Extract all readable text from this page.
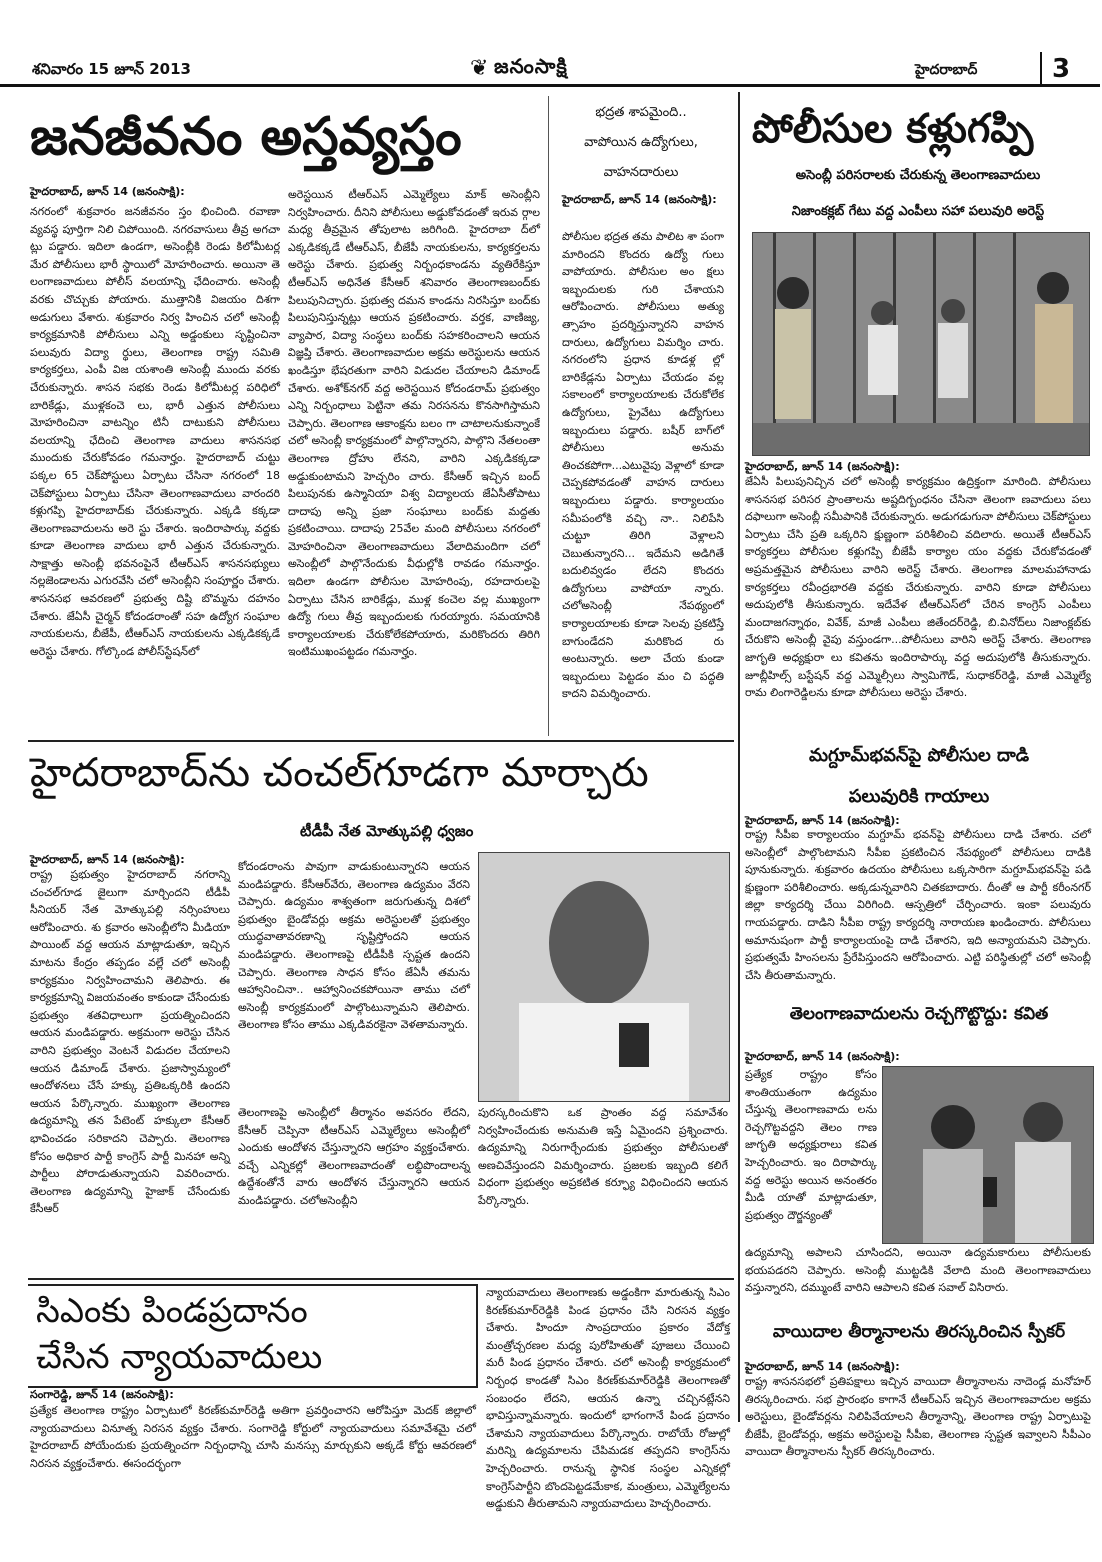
శనివారం 15 జూన్ 2013	❦ జనంసాక్షి	హైదరాబాద్	3
జనజీవనం అస్తవ్యస్తం
హైదరాబాద్, జూన్ 14 (జనంసాక్షి):
నగరంలో శుక్రవారం జనజీవనం స్తం భించింది. రవాణా వ్యవస్థ పూర్తిగా నిలి చిపోయింది. నగరవాసులు తీవ్ర అగచా ట్లు పడ్డారు. ఇదిలా ఉండగా, అసెంబ్లీకి రెండు కిలోమీటర్ల మేర పోలీసులు భారీ స్థాయిలో మోహరించారు. అయినా తె లంగాణవాదులు పోలీస్ వలయాన్ని ఛేదించారు. అసెంబ్లీ వరకు చొచ్చుకు పోయారు. ముత్తానికి విజయం దిశగా అడుగులు వేశారు. శుక్రవారం నిర్వ హించిన చలో అసెంబ్లీ కార్యక్రమానికి పోలీసులు ఎన్ని అడ్డంకులు సృష్టించినా పలువురు విద్యా ర్థులు, తెలంగాణ రాష్ట్ర సమితి కార్యకర్తలు, ఎంపీ విజ యశాంతి అసెంబ్లీ ముందు వరకు చేరుకున్నారు. శాసన సభకు రెండు కిలోమీటర్ల పరిధిలో బారికేడ్లు, ముళ్లకంచె లు, భారీ ఎత్తున పోలీసులు మోహరించినా వాటన్నిం టినీ దాటుకుని పోలీసులు వలయాన్ని ఛేదించి తెలంగాణ వాదులు శాసనసభ ముందుకు చేరుకోవడం గమనార్హం. హైదరాబాద్ చుట్టు పక్కల 65 చెక్‌పోస్టులు ఏర్పాటు చేసినా నగరంలో 18 చెక్‌పోస్టులు ఏర్పాటు చేసినా తెలంగాణవాదులు వారందరి కళ్లుగప్పి హైదరాబాద్‌కు చేరుకున్నారు. ఎక్కడి కక్కడా తెలంగాణవాదులను అరె స్టు చేశారు. ఇందిరాపార్కు వద్దకు కూడా తెలంగాణ వాదులు భారీ ఎత్తున చేరుకున్నారు. సాక్షాత్తు అసెంబ్లీ భవనంపైనే టీఆర్‌ఎస్ శాసనసభ్యులు నల్లజెండాలను ఎగురవేసి చలో అసెంబ్లీని సంపూర్ణం చేశారు. శాసనసభ ఆవరణలో ప్రభుత్వ దిష్టి బొమ్మను దహనం చేశారు. జేఏసీ చైర్మన్ కోదండరాంతో సహ ఉద్యోగ సంఘాల నాయకులను, బీజేపీ, టీఆర్‌ఎస్ నాయకులను ఎక్కడికక్కడే అరెస్టు చేశారు. గోల్కొండ పోలీస్‌స్టేషన్‌లో
అరెస్టయిన టీఆర్‌ఎస్ ఎమ్మెల్యేలు మాక్ అసెంబ్లీని నిర్వహించారు. దీనిని పోలీసులు అడ్డుకోవడంతో ఇరువ ర్గాల మధ్య తీవ్రమైన తోపులాట జరిగింది. హైదరాబా ద్‌లో ఎక్కడికక్కడే టీఆర్‌ఎస్, బీజేపీ నాయకులను, కార్యకర్తలను అరెస్టు చేశారు. ప్రభుత్వ నిర్బంధకాండను వ్యతిరేకిస్తూ టీఆర్‌ఎస్ అధినేత కేసీఆర్ శనివారం తెలంగాణబంద్‌కు పిలుపునిచ్చారు. ప్రభుత్వ దమన కాండను నిరసిస్తూ బంద్‌కు పిలుపునిస్తున్నట్లు ఆయన ప్రకటించారు. వర్తక, వాణిజ్య, వ్యాపార, విద్యా సంస్థలు బంద్‌కు సహకరించాలని ఆయన విజ్ఞప్తి చేశారు. తెలంగాణవాదుల అక్రమ అరెస్టులను ఆయన ఖండిస్తూ భేషరతుగా వారిని విడుదల చేయాలని డిమాండ్ చేశారు. అశోక్‌నగర్ వద్ద అరెస్టయిన కోదండరామ్ ప్రభుత్వం ఎన్ని నిర్బంధాలు పెట్టినా తమ నిరసనను కొనసాగిస్తామని చెప్పారు. తెలంగాణ ఆకాంక్షను బలం గా చాటాలనుకున్నాంకే చలో అసెంబ్లీ కార్యక్రమంలో పాల్గొన్నారని, పాల్గొని నేతలంతా తెలంగాణ ద్రోహు లేనని, వారిని ఎక్కడికక్కడా అడ్డుకుంటామని హెచ్చరిం చారు. కేసీఆర్ ఇచ్చిన బంద్ పిలుపునకు ఉస్మానియా విశ్వ విద్యాలయ జేఏసీతోపాటు దాదాపు అన్ని ప్రజా సంఘాలు బంద్‌కు మద్దతు ప్రకటించాయి. దాదాపు 25వేల మంది పోలీసులు నగరంలో మోహరించినా తెలంగాణవాదులు వేలాదిమందిగా చలో అసెంబ్లీలో పాల్గొనేందుకు వీధుల్లోకి రావడం గమనార్హం. ఇదిలా ఉండగా పోలీసుల మోహరింపు, రహదారులపై ఏర్పాటు చేసిన బారికేడ్లు, ముళ్ల కంచెల వల్ల ముఖ్యంగా ఉద్యో గులు తీవ్ర ఇబ్బందులకు గురయ్యారు. సమయానికి కార్యాలయాలకు చేరుకోలేకపోయారు, మరికొందరు తిరిగి ఇంటిముఖంపట్టడం గమనార్హం.
భద్రత శాపమైంది..
వాపోయిన ఉద్యోగులు,
వాహనదారులు
హైదరాబాద్, జూన్ 14 (జనంసాక్షి):
పోలీసుల భద్రత తమ పాలిట శా పంగా మారిందని కొందరు ఉద్యో గులు వాపోయారు. పోలీసుల అం క్షలు ఇబ్బందులకు గురి చేశాయని ఆరోపించారు. పోలీసులు అత్యు త్సాహం ప్రదర్శిస్తున్నారని వాహన దారులు, ఉద్యోగులు విమర్శిం చారు. నగరంలోని ప్రధాన కూడళ్ల ల్లో బారికేడ్లను ఏర్పాటు చేయడం వల్ల సకాలంలో కార్యాలయాలకు చేరుకోలేక ఉద్యోగులు, ప్రైవేటు ఉద్యోగులు ఇబ్బందులు పడ్డారు. బషీర్ బాగ్‌లో పోలీసులు అనుమ తించకపోగా...ఎటువైపు వెళ్లాలో కూడా చెప్పకపోవడంతో వాహన దారులు ఇబ్బందులు పడ్డారు. కార్యాలయం సమీపంలోకి వచ్చి నా.. నిలిపేసి చుట్టూ తిరిగి వెళ్లాలని చెబుతున్నారని... ఇదేమని అడిగితే బదులివ్వడం లేదని కొందరు ఉద్యోగులు వాపోయా న్నారు. చలోఅసెంబ్లీ నేపథ్యంలో కార్యాలయాలకు కూడా సెలవు ప్రకటిస్తే బాగుండేదని మరికొంద రు అంటున్నారు. అలా చేయ కుండా ఇబ్బందులు పెట్టడం మం చి పద్ధతి కాదని విమర్శించారు.
పోలీసుల కళ్లుగప్పి
అసెంబ్లీ పరిసరాలకు చేరుకున్న తెలంగాణవాదులు
నిజాంకక్లబ్ గేటు వద్ద ఎంపీలు సహా పలువురి అరెస్ట్
హైదరాబాద్, జూన్ 14 (జనంసాక్షి):
జేఏసీ పిలుపునిచ్చిన చలో అసెంబ్లీ కార్యక్రమం ఉద్రిక్తంగా మారింది. పోలీసులు శాసనసభ పరిసర ప్రాంతాలను అష్టదిగ్బంధనం చేసినా తెలంగా ణవాదులు పలు దఫాలుగా అసెంబ్లీ సమీపానికి చేరుకున్నారు. అడుగడుగునా పోలీసులు చెక్‌పోస్టులు ఏర్పాటు చేసి ప్రతి ఒక్కరిని క్షుణ్ణంగా పరిశీలించి వదిలారు. అయితే టీఆర్‌ఎస్ కార్యకర్తలు పోలీసుల కళ్లుగప్పి బీజేపీ కార్యాల యం వద్దకు చేరుకోవడంతో అప్రమత్తమైన పోలీసులు వారిని అరెస్ట్ చేశారు. తెలంగాణ మాలమహానాడు కార్యకర్తలు రవీంద్రభారతి వద్దకు చేరుకున్నారు. వారిని కూడా పోలీసులు అదుపులోకి తీసుకున్నారు. ఇదేవేళ టీఆర్‌ఎస్‌లో చేరిన కాంగ్రెస్ ఎంపీలు మందాజగన్నాథం, వివేక్, మాజీ ఎంపీలు జితేందర్‌రెడ్డి, బి.వినోద్‌లు నిజాంక్లబ్‌కు చేరుకొని అసెంబ్లీ వైపు వస్తుండగా...పోలీసులు వారిని అరెస్ట్ చేశారు. తెలంగాణ జాగృతి అధ్యక్షురా లు కవితను ఇందిరాపార్కు వద్ద అదుపులోకి తీసుకున్నారు. జూబ్లీహిల్స్ బస్టేషన్ వద్ద ఎమ్మెల్సీలు స్వామిగౌడ్, సుధాకర్‌రెడ్డి, మాజీ ఎమ్మెల్యే రామ లింగారెడ్డిలను కూడా పోలీసులు అరెస్టు చేశారు.
మగ్దూమ్‌భవన్‌పై పోలీసుల దాడి
పలువురికి గాయాలు
హైదరాబాద్, జూన్ 14 (జనంసాక్షి):
రాష్ట్ర సీపీఐ కార్యాలయం మగ్దూమ్ భవన్‌పై పోలీసులు దాడి చేశారు. చలో అసెంబ్లీలో పాల్గొంటామని సీపీఐ ప్రకటించిన నేపథ్యంలో పోలీసులు దాడికి పూనుకున్నారు. శుక్రవారం ఉదయం పోలీసులు ఒక్కసారిగా మగ్దూమ్‌భవన్‌పై పడి క్షుణ్ణంగా పరిశీలించారు. అక్కడున్నవారిని చితకబాదారు. దీంతో ఆ పార్టీ కరీంనగర్ జిల్లా కార్యదర్శి చేయి విరిగింది. ఆస్పత్రిలో చేర్పించారు. ఇంకా పలువురు గాయపడ్డారు. దాడిని సీపీఐ రాష్ట్ర కార్యదర్శి నారాయణ ఖండించారు. పోలీసులు అమానుషంగా పార్టీ కార్యాలయంపై దాడి చేశారని, ఇది అన్యాయమని చెప్పారు. ప్రభుత్వమే హింసలను ప్రేరేపిస్తుందని ఆరోపించారు. ఎట్టి పరిస్థితుల్లో చలో అసెంబ్లీ చేసి తీరుతామన్నారు.
తెలంగాణవాదులను రెచ్చగొట్టొద్దు: కవిత
హైదరాబాద్, జూన్ 14 (జనంసాక్షి):
ప్రత్యేక రాష్ట్రం కోసం శాంతియుతంగా ఉద్యమం చేస్తున్న తెలంగాణవాదు లను రెచ్చగొట్టవద్దని తెలం గాణ జాగృతి అధ్యక్షురాలు కవిత హెచ్చరించారు. ఇం దిరాపార్కు వద్ద అరెస్టు అయిన అనంతరం మీడి యాతో మాట్లాడుతూ, ప్రభుత్వం దౌర్జన్యంతో
ఉద్యమాన్ని అపాలని చూసిందని, అయినా ఉద్యమకారులు పోలీసులకు భయపడరని చెప్పారు. అసెంబ్లీ ముట్టడికి వేలాది మంది తెలంగాణవాదులు వస్తున్నారని, దమ్ముంటే వారిని ఆపాలని కవిత సవాల్ విసిరారు.
వాయిదాల తీర్మానాలను తిరస్కరించిన స్పీకర్
హైదరాబాద్, జూన్ 14 (జనంసాక్షి):
రాష్ట్ర శాసనసభలో ప్రతిపక్షాలు ఇచ్చిన వాయిదా తీర్మానాలను నాదెండ్ల మనోహర్ తిరస్కరించారు. సభ ప్రారంభం కాగానే టీఆర్‌ఎస్ ఇచ్చిన తెలంగాణవాదుల అక్రమ అరెస్టులు, బైండోవర్లను నిలిపివేయాలని తీర్మానాన్ని, తెలంగాణ రాష్ట్ర ఏర్పాటుపై బీజేపీ, బైండోవర్లు, అక్రమ అరెస్టులపై సీపీఐ, తెలంగాణ స్పష్టత ఇవ్వాలని సీపీఎం వాయిదా తీర్మానాలను స్పీకర్ తిరస్కరించారు.
హైదరాబాద్‌ను చంచల్‌గూడగా మార్చారు
టీడీపీ నేత మోత్కుపల్లి ధ్వజం
హైదరాబాద్, జూన్ 14 (జనంసాక్షి):
రాష్ట్ర ప్రభుత్వం హైదరాబాద్ నగరాన్ని చంచల్‌గూడ జైలుగా మార్చిందని టీడీపీ సీనియర్ నేత మోత్కుపల్లి నర్సింహులు ఆరోపించారు. శు క్రవారం అసెంబ్లీలోని మీడియా పాయింట్ వద్ద ఆయన మాట్లాడుతూ, ఇచ్చిన మాటను కేంద్రం తప్పడం వల్లే చలో అసెంబ్లీ కార్యక్రమం నిర్వహించామని తెలిపారు. ఈ కార్యక్రమాన్ని విజయవంతం కాకుండా చేసేందుకు ప్రభుత్వం శతవిధాలుగా ప్రయత్నించిందని ఆయన మండిపడ్డారు. అక్రమంగా అరెస్టు చేసిన వారిని ప్రభుత్వం వెంటనే విడుదల చేయాలని ఆయన డిమాండ్ చేశారు. ప్రజాస్వామ్యంలో ఆందోళనలు చేసే హక్కు ప్రతిఒక్కరికి ఉందని ఆయన పేర్కొన్నారు. ముఖ్యంగా తెలంగాణ ఉద్యమాన్ని తన పేటెంట్ హక్కులా కేసీఆర్ భావించడం సరికాదని చెప్పారు. తెలంగాణ కోసం అధికార పార్టీ కాంగ్రెస్ పార్టీ మినహా అన్ని పార్టీలు పోరాడుతున్నాయని వివరించారు. తెలంగాణ ఉద్యమాన్ని హైజాక్ చేసేందుకు కేసీఆర్
కోదండరాంను పావుగా వాడుకుంటున్నారని ఆయన మండిపడ్డారు. కేసీఆర్‌వేరు, తెలంగాణ ఉద్యమం వేరని చెప్పారు. ఉద్యమం శాశ్వతంగా జరుగుతున్న దిశలో ప్రభుత్వం బైండోవర్లు అక్రమ అరెస్టులతో ప్రభుత్వం యుద్ధవాతావరణాన్ని సృష్టిస్తోందని ఆయన మండిపడ్డారు. తెలంగాణపై టీడీపీకి స్పష్టత ఉందని చెప్పారు. తెలంగాణ సాధన కోసం జేఏసీ తమను ఆహ్వానించినా.. ఆహ్వానించకపోయినా తాము చలో అసెంబ్లీ కార్యక్రమంలో పాల్గొంటున్నామని తెలిపారు. తెలంగాణ కోసం తాము ఎక్కడివరకైనా వెళతామన్నారు.
తెలంగాణపై అసెంబ్లీలో తీర్మానం అవసరం లేదని, కేసీఆర్ చెప్పినా టీఆర్‌ఎస్ ఎమ్మెల్యేలు అసెంబ్లీలో ఎందుకు ఆందోళన చేస్తున్నారని ఆగ్రహం వ్యక్తంచేశారు. వచ్చే ఎన్నికల్లో తెలంగాణవాదంతో లబ్ధిపొందాలన్న ఉద్దేశంతోనే వారు ఆందోళన చేస్తున్నారని ఆయన మండిపడ్డారు. చలోఅసెంబ్లీని
పురస్కరించుకొని ఒక ప్రాంతం వద్ద సమావేశం నిర్వహించేందుకు అనుమతి ఇస్తే ఏమైందని ప్రశ్నించారు. ఉద్యమాన్ని నిరుగార్చేందుకు ప్రభుత్వం పోలీసులతో అణచివేస్తుందని విమర్శించారు. ప్రజలకు ఇబ్బంది కలిగే విధంగా ప్రభుత్వం అప్రకటిత కర్ఫ్యూ విధించిందని ఆయన పేర్కొన్నారు.
సిఎంకు పిండప్రదానం
చేసిన న్యాయవాదులు
సంగారెడ్డి, జూన్ 14 (జనంసాక్షి):
ప్రత్యేక తెలంగాణ రాష్ట్రం ఏర్పాటులో కిరణ్‌కుమార్‌రెడ్డి అతిగా ప్రవర్తించారని ఆరోపిస్తూ మెదక్ జిల్లాలో న్యాయవాదులు వినూత్న నిరసన వ్యక్తం చేశారు. సంగారెడ్డి కోర్టులో న్యాయవాదులు సమావేశమై చలో హైదరాబాద్ పోయేందుకు ప్రయత్నించగా నిర్బంధాన్ని చూసి మనస్సు మార్చుకుని అక్కడే కోర్టు ఆవరణలో నిరసన వ్యక్తంచేశారు. ఈసందర్భంగా
న్యాయవాదులు తెలంగాణకు అడ్డంకిగా మారుతున్న సిఎం కిరణ్‌కుమార్‌రెడ్డికి పిండ ప్రధానం చేసి నిరసన వ్యక్తం చేశారు. హిందూ సాంప్రదాయం ప్రకారం వేదోక్త మంత్రోచ్చరణల మధ్య పురోహితుతో పూజలు చేయించి మరీ పిండ ప్రధానం చేశారు. చలో అసెంబ్లీ కార్యక్రమంలో నిర్బంధ కాండతో సిఎం కిరణ్‌కుమార్‌రెడ్డికి తెలంగాణతో సంబంధం లేదని, ఆయన ఉన్నా చచ్చినట్లేనని భావిస్తున్నామన్నారు. ఇందులో భాగంగానే పిండ ప్రదానం చేశామని న్యాయవాదులు పేర్కొన్నారు. రాబోయే రోజుల్లో మరిన్ని ఉద్యమాలను చేపిమడక తప్పదని కాంగ్రెస్‌ను హెచ్చరించారు. రానున్న స్థానిక సంస్థల ఎన్నికల్లో కాంగ్రెస్‌పార్టీని బొందపెట్టడమేకాక, మంత్రులు, ఎమ్మెల్యేలను అడ్డుకుని తీరుతామని న్యాయవాదులు హెచ్చరించారు.
